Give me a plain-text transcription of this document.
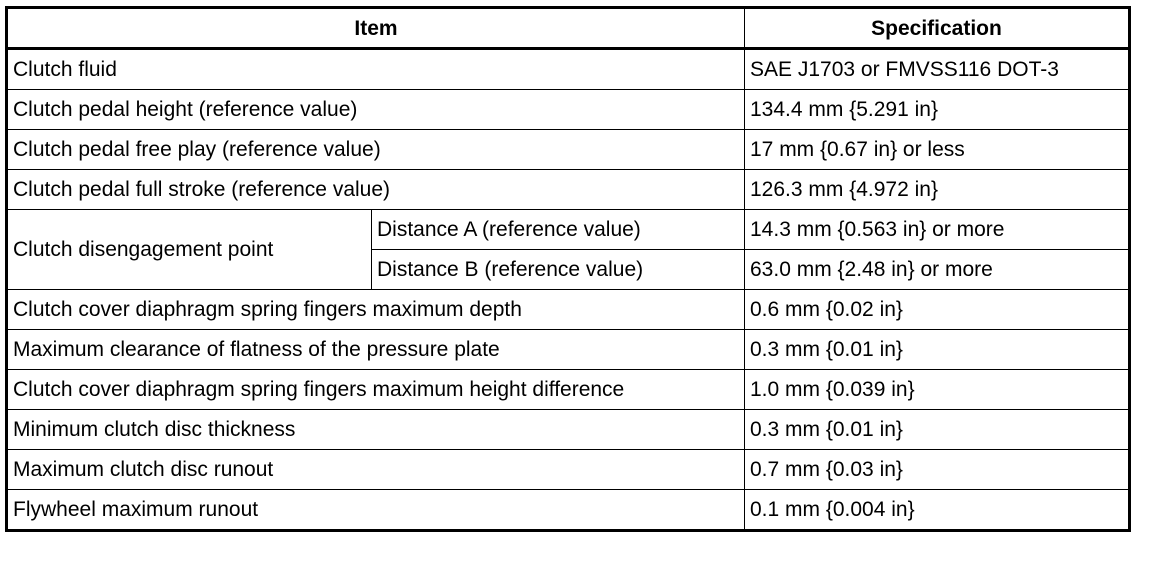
Item		Specification
Clutch fluid		SAE J1703 or FMVSS116 DOT-3
Clutch pedal height (reference value)		134.4 mm {5.291 in}
Clutch pedal free play (reference value)		17 mm {0.67 in} or less
Clutch pedal full stroke (reference value)		126.3 mm {4.972 in}
Clutch disengagement point	Distance A (reference value)	14.3 mm {0.563 in} or more
	Distance B (reference value)	63.0 mm {2.48 in} or more
Clutch cover diaphragm spring fingers maximum depth		0.6 mm {0.02 in}
Maximum clearance of flatness of the pressure plate		0.3 mm {0.01 in}
Clutch cover diaphragm spring fingers maximum height difference		1.0 mm {0.039 in}
Minimum clutch disc thickness		0.3 mm {0.01 in}
Maximum clutch disc runout		0.7 mm {0.03 in}
Flywheel maximum runout		0.1 mm {0.004 in}
